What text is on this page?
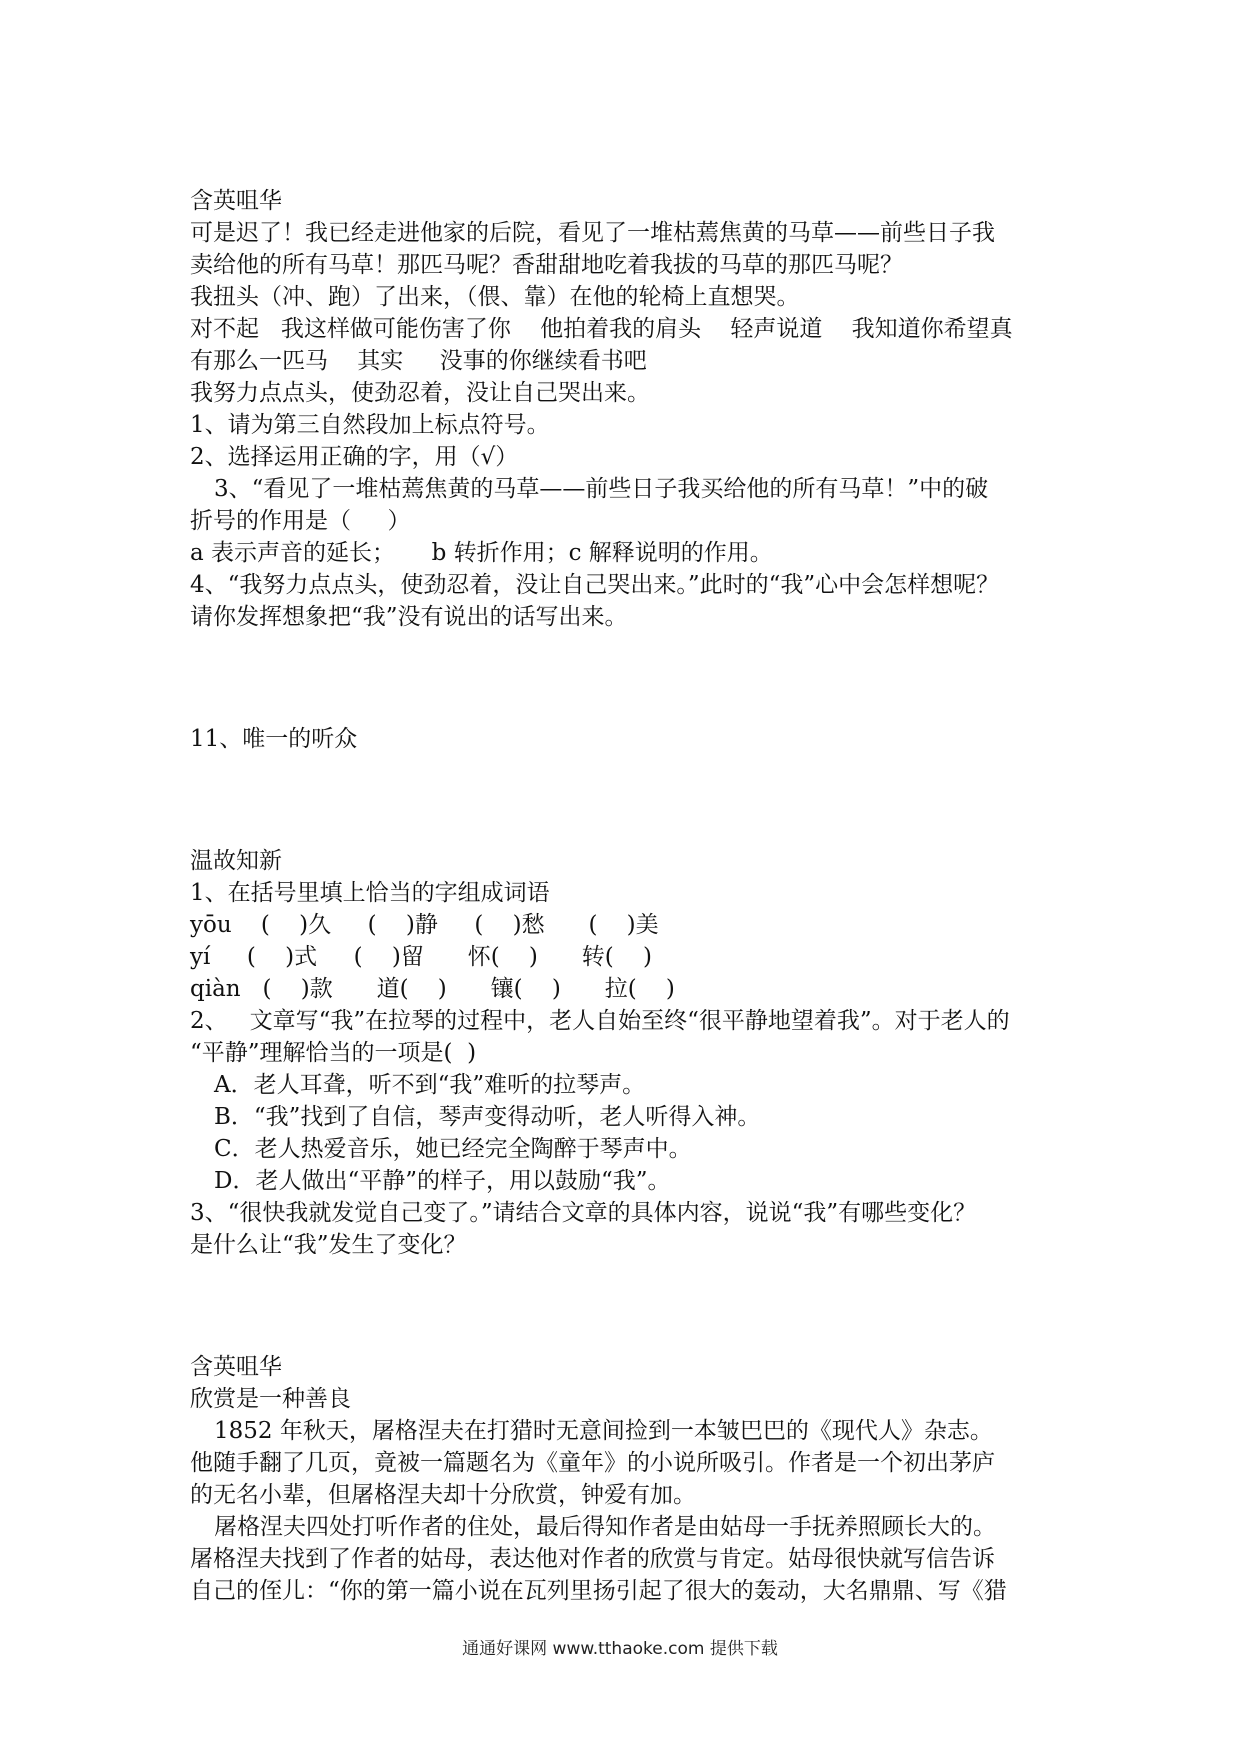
含英咀华
可是迟了！我已经走进他家的后院，看见了一堆枯蔫焦黄的马草——前些日子我
卖给他的所有马草！那匹马呢？香甜甜地吃着我拔的马草的那匹马呢？
我扭头（冲、跑）了出来，（偎、靠）在他的轮椅上直想哭。
对不起   我这样做可能伤害了你    他拍着我的肩头    轻声说道    我知道你希望真
有那么一匹马    其实     没事的你继续看书吧
我努力点点头，使劲忍着，没让自己哭出来。
1、请为第三自然段加上标点符号。
2、选择运用正确的字，用（√）
3、“看见了一堆枯蔫焦黄的马草——前些日子我买给他的所有马草！”中的破
折号的作用是（     ）
a 表示声音的延长；     b 转折作用；c 解释说明的作用。
4、“我努力点点头，使劲忍着，没让自己哭出来。”此时的“我”心中会怎样想呢？
请你发挥想象把“我”没有说出的话写出来。
11、唯一的听众
温故知新
1、在括号里填上恰当的字组成词语
yōu    (    )久     (    )静     (    )愁      (    )美
yí     (    )式     (    )留      怀(    )      转(    )
qiàn   (    )款      道(    )      镶(    )      拉(    )
2、   文章写“我”在拉琴的过程中，老人自始至终“很平静地望着我”。对于老人的
“平静”理解恰当的一项是(  )
A．老人耳聋，听不到“我”难听的拉琴声。
B．“我”找到了自信，琴声变得动听，老人听得入神。
C．老人热爱音乐，她已经完全陶醉于琴声中。
D．老人做出“平静”的样子，用以鼓励“我”。
3、“很快我就发觉自己变了。”请结合文章的具体内容，说说“我”有哪些变化？
是什么让“我”发生了变化？
含英咀华
欣赏是一种善良
1852 年秋天，屠格涅夫在打猎时无意间捡到一本皱巴巴的《现代人》杂志。
他随手翻了几页，竟被一篇题名为《童年》的小说所吸引。作者是一个初出茅庐
的无名小辈，但屠格涅夫却十分欣赏，钟爱有加。
屠格涅夫四处打听作者的住处，最后得知作者是由姑母一手抚养照顾长大的。
屠格涅夫找到了作者的姑母，表达他对作者的欣赏与肯定。姑母很快就写信告诉
自己的侄儿：“你的第一篇小说在瓦列里扬引起了很大的轰动，大名鼎鼎、写《猎
通通好课网 www.tthaoke.com 提供下载
